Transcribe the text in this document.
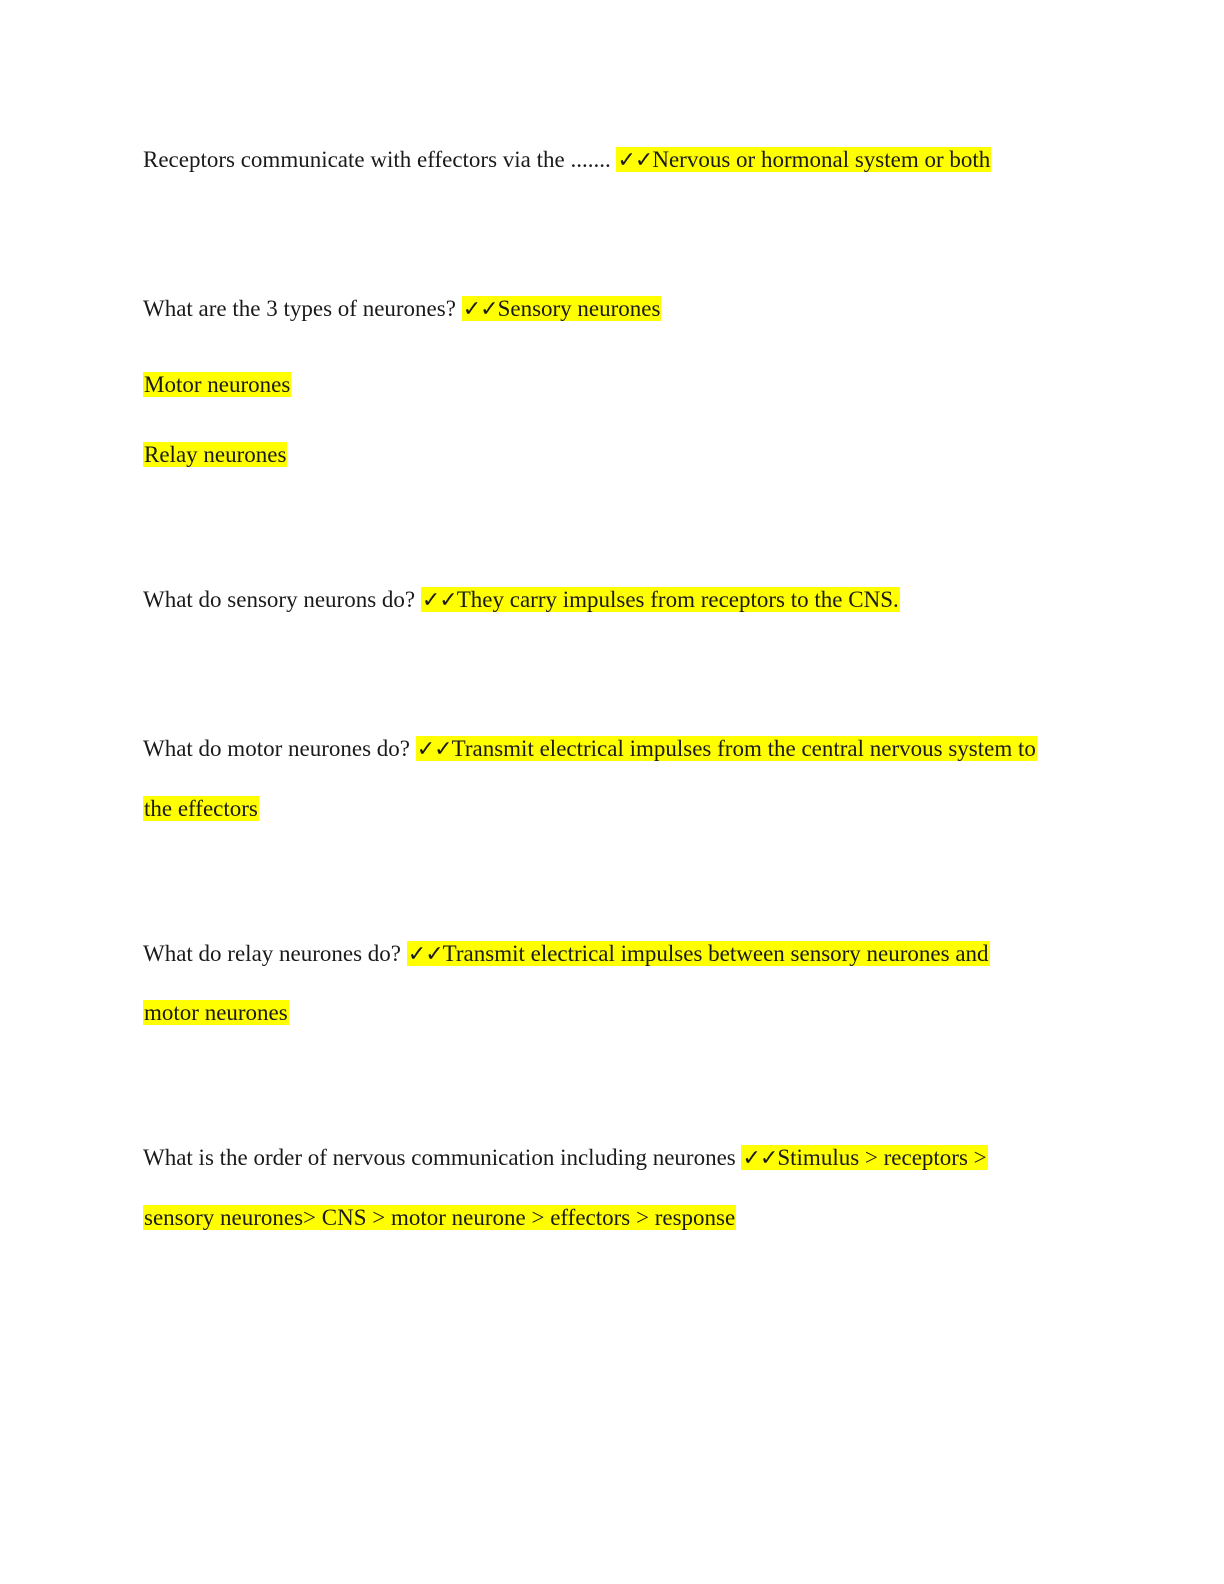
Receptors communicate with effectors via the ....... ✓✓Nervous or hormonal system or both
What are the 3 types of neurones? ✓✓Sensory neurones
Motor neurones
Relay neurones
What do sensory neurons do? ✓✓They carry impulses from receptors to the CNS.
What do motor neurones do? ✓✓Transmit electrical impulses from the central nervous system to
the effectors
What do relay neurones do? ✓✓Transmit electrical impulses between sensory neurones and
motor neurones
What is the order of nervous communication including neurones ✓✓Stimulus > receptors >
sensory neurones> CNS > motor neurone > effectors > response
